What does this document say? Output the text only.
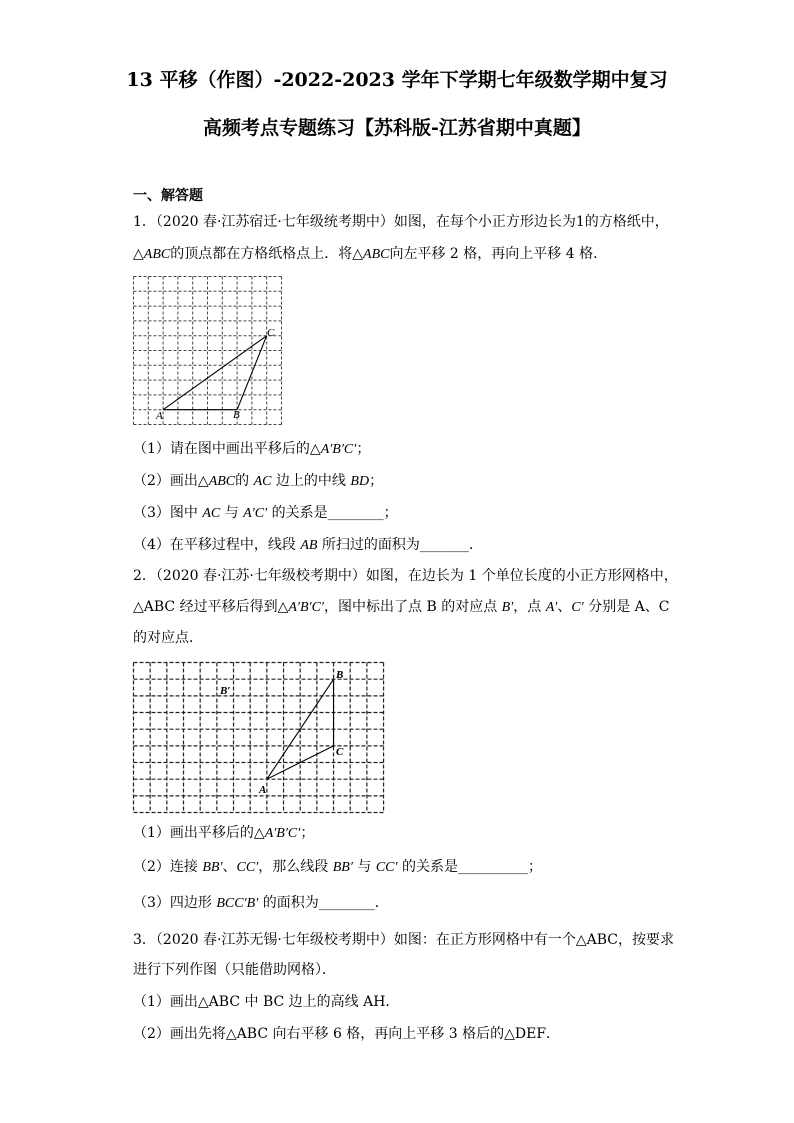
13 平移（作图）-2022-2023 学年下学期七年级数学期中复习
高频考点专题练习【苏科版-江苏省期中真题】
一、解答题
1．（2020 春·江苏宿迁·七年级统考期中）如图，在每个小正方形边长为1的方格纸中，
△ABC的顶点都在方格纸格点上．将△ABC向左平移 2 格，再向上平移 4 格．
A	B
C
（1）请在图中画出平移后的△A′B′C′；
（2）画出△ABC的 AC 边上的中线 BD；
（3）图中 AC 与 A′C′ 的关系是________；
（4）在平移过程中，线段 AB 所扫过的面积为_______．
2．（2020 春·江苏·七年级校考期中）如图，在边长为 1 个单位长度的小正方形网格中，
△ABC 经过平移后得到△A′B′C′，图中标出了点 B 的对应点 B′，点 A′、C′ 分别是 A、C
的对应点．
A
B
C
B′
（1）画出平移后的△A′B′C′；
（2）连接 BB′、CC′，那么线段 BB′ 与 CC′ 的关系是__________；
（3）四边形 BCC′B′ 的面积为________．
3．（2020 春·江苏无锡·七年级校考期中）如图：在正方形网格中有一个△ABC，按要求
进行下列作图（只能借助网格）．
（1）画出△ABC 中 BC 边上的高线 AH．
（2）画出先将△ABC 向右平移 6 格，再向上平移 3 格后的△DEF．
